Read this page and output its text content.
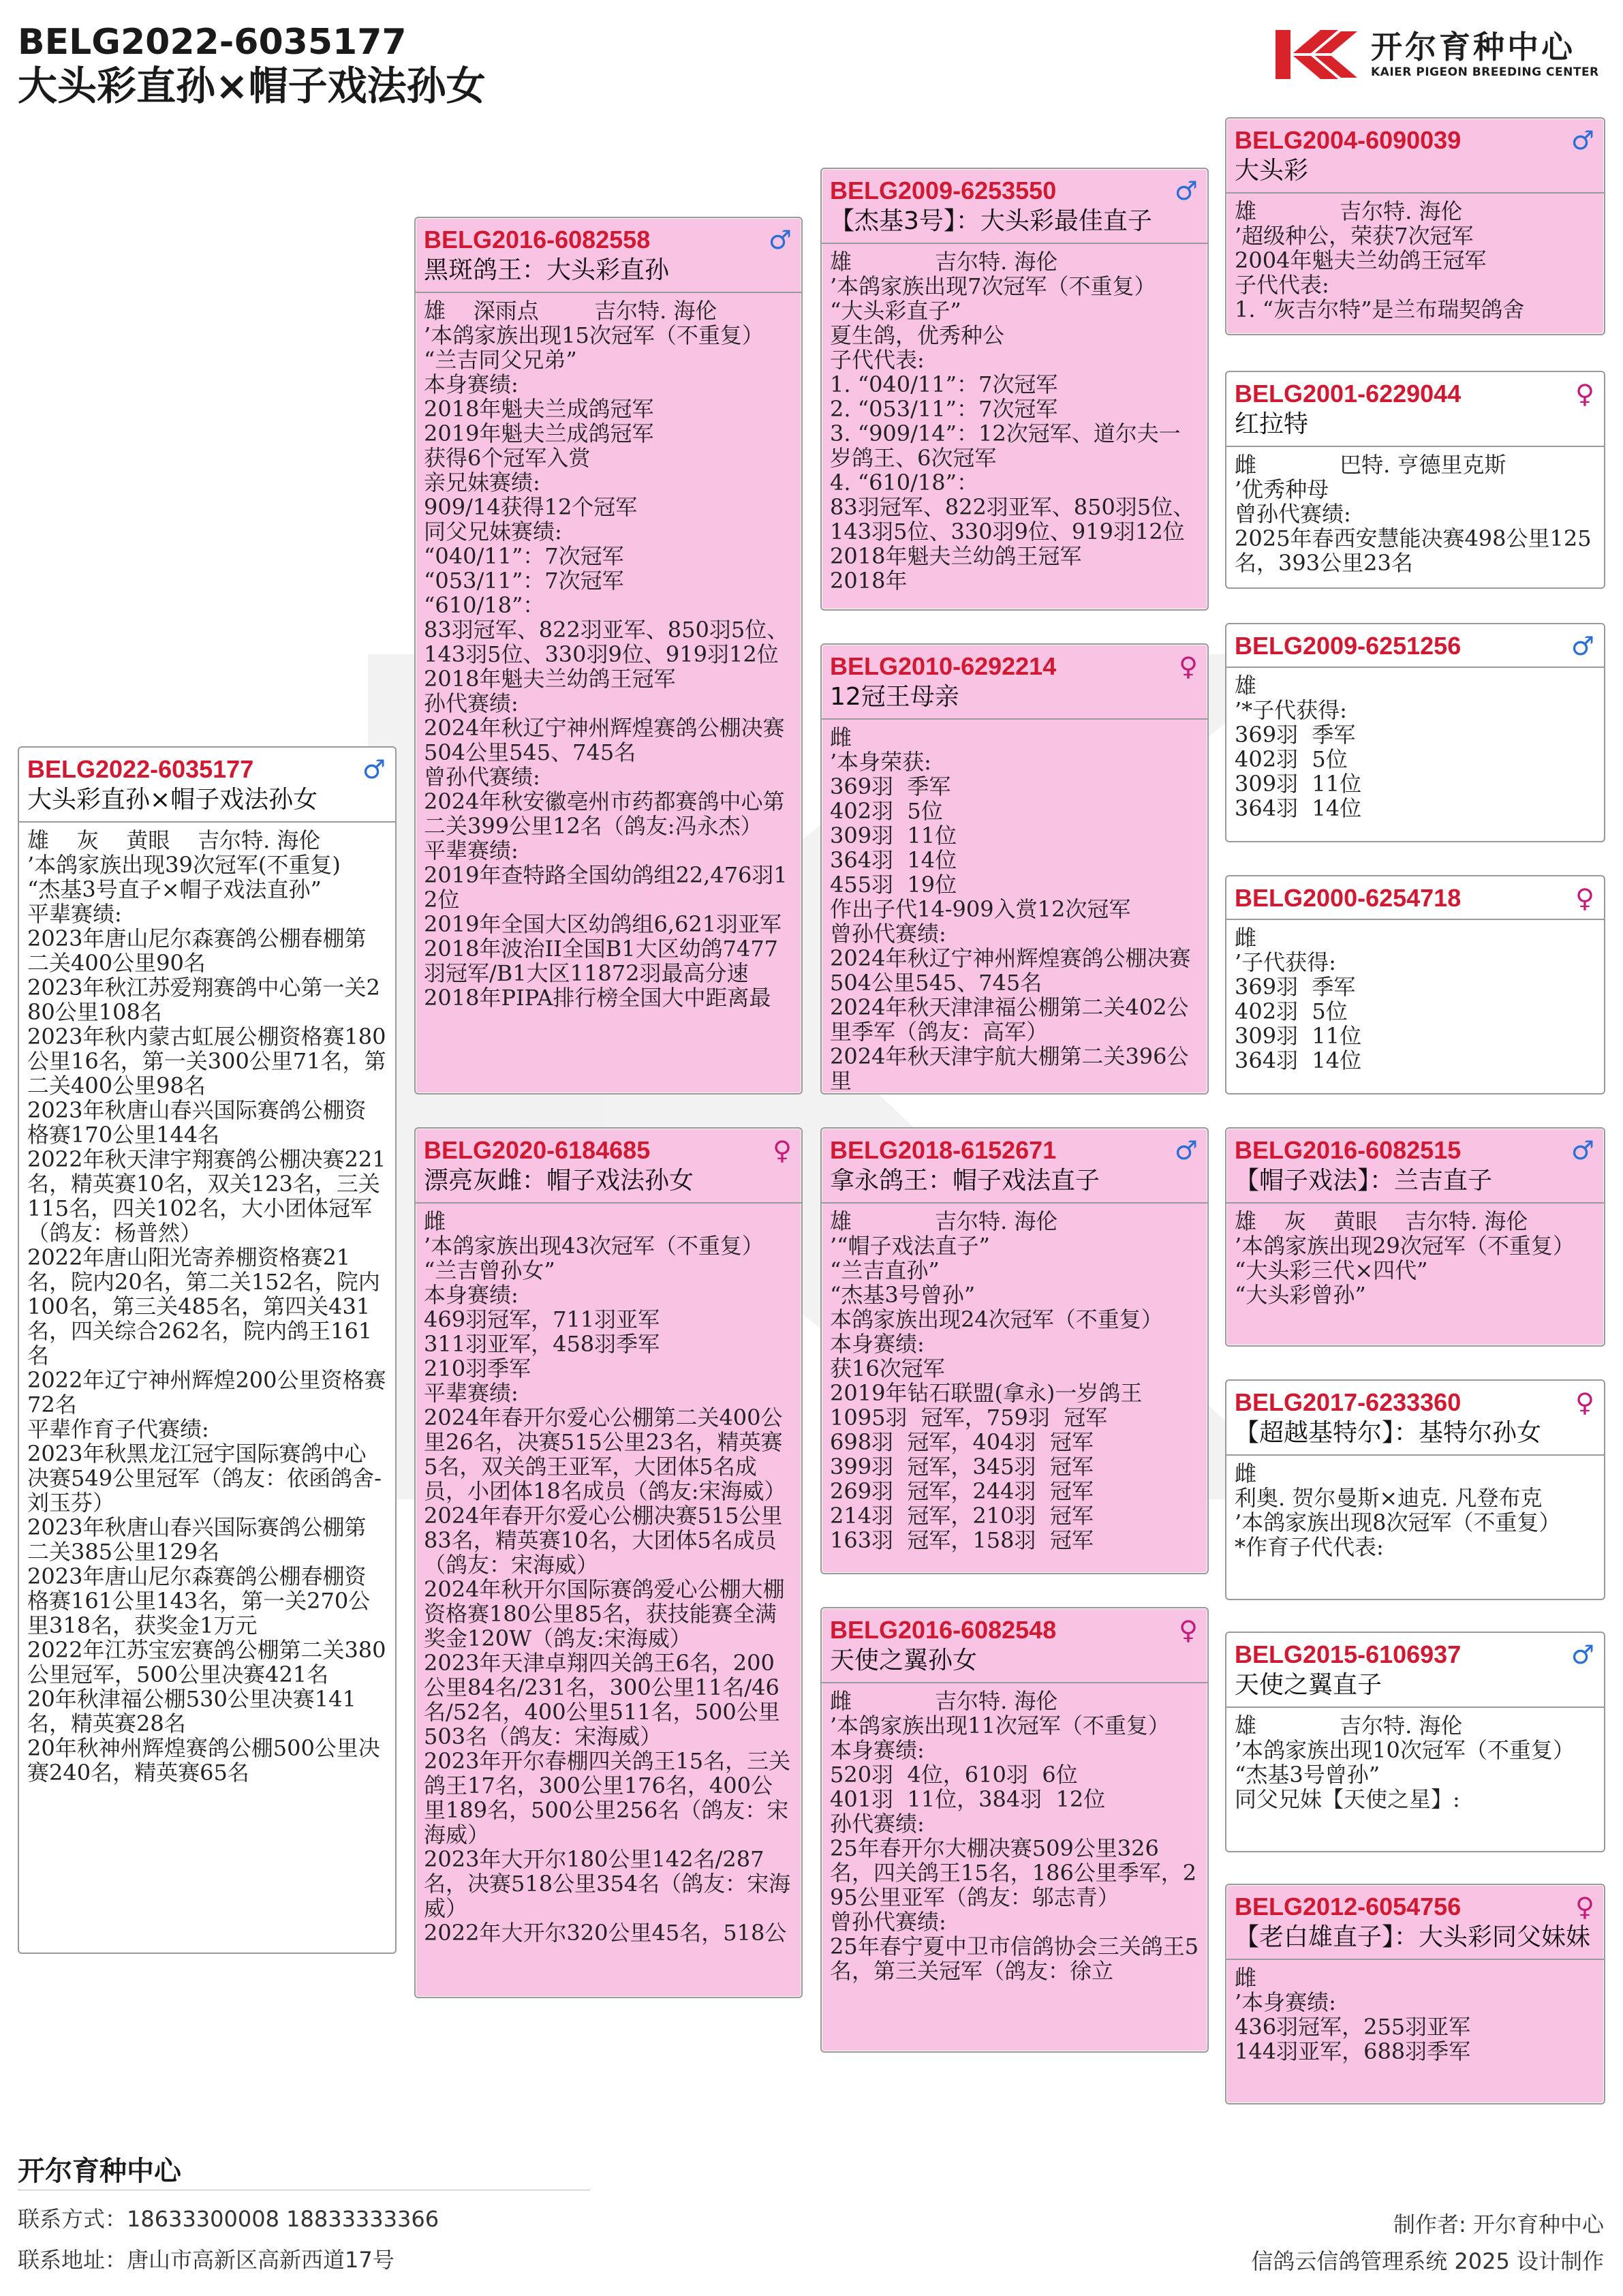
BELG2022-6035177
大头彩直孙×帽子戏法孙女
开尔育种中心
KAIER PIGEON BREEDING CENTER
BELG2022-6035177
大头彩直孙×帽子戏法孙女
♂
雄    灰    黄眼    吉尔特. 海伦
’本鸽家族出现39次冠军(不重复)
“杰基3号直子×帽子戏法直孙”
平辈赛绩:
2023年唐山尼尔森赛鸽公棚春棚第二关400公里90名
2023年秋江苏爱翔赛鸽中心第一关280公里108名
2023年秋内蒙古虹展公棚资格赛180公里16名，第一关300公里71名，第二关400公里98名
2023年秋唐山春兴国际赛鸽公棚资格赛170公里144名
2022年秋天津宇翔赛鸽公棚决赛221名，精英赛10名，双关123名，三关115名，四关102名，大小团体冠军（鸽友：杨普然）
2022年唐山阳光寄养棚资格赛21名，院内20名，第二关152名，院内100名，第三关485名，第四关431名，四关综合262名，院内鸽王161名
2022年辽宁神州辉煌200公里资格赛72名
平辈作育子代赛绩:
2023年秋黑龙江冠宇国际赛鸽中心决赛549公里冠军（鸽友：依函鸽舍-刘玉芬）
2023年秋唐山春兴国际赛鸽公棚第二关385公里129名
2023年唐山尼尔森赛鸽公棚春棚资格赛161公里143名，第一关270公里318名，获奖金1万元
2022年江苏宝宏赛鸽公棚第二关380公里冠军，500公里决赛421名
20年秋津福公棚530公里决赛141名，精英赛28名
20年秋神州辉煌赛鸽公棚500公里决赛240名，精英赛65名
BELG2016-6082558
黑斑鸽王：大头彩直孙
♂
雄    深雨点        吉尔特. 海伦
’本鸽家族出现15次冠军（不重复）
“兰吉同父兄弟”
本身赛绩:
2018年魁夫兰成鸽冠军
2019年魁夫兰成鸽冠军
获得6个冠军入赏
亲兄妹赛绩:
909/14获得12个冠军
同父兄妹赛绩:
“040/11”：7次冠军
“053/11”：7次冠军
“610/18”：
83羽冠军、822羽亚军、850羽5位、143羽5位、330羽9位、919羽12位
2018年魁夫兰幼鸽王冠军
孙代赛绩:
2024年秋辽宁神州辉煌赛鸽公棚决赛504公里545、745名
曾孙代赛绩:
2024年秋安徽亳州市药都赛鸽中心第二关399公里12名（鸽友:冯永杰）
平辈赛绩:
2019年查特路全国幼鸽组22,476羽12位
2019年全国大区幼鸽组6,621羽亚军
2018年波治II全国B1大区幼鸽7477羽冠军/B1大区11872羽最高分速
2018年PIPA排行榜全国大中距离最
BELG2020-6184685
漂亮灰雌：帽子戏法孙女
♀
雌
’本鸽家族出现43次冠军（不重复）
“兰吉曾孙女”
本身赛绩:
469羽冠军，711羽亚军
311羽亚军，458羽季军
210羽季军
平辈赛绩:
2024年春开尔爱心公棚第二关400公里26名，决赛515公里23名，精英赛5名，双关鸽王亚军，大团体5名成员，小团体18名成员（鸽友:宋海威）
2024年春开尔爱心公棚决赛515公里83名，精英赛10名，大团体5名成员（鸽友：宋海威）
2024年秋开尔国际赛鸽爱心公棚大棚资格赛180公里85名，获技能赛全满奖金120W（鸽友:宋海威）
2023年天津卓翔四关鸽王6名，200公里84名/231名，300公里11名/46名/52名，400公里511名，500公里503名（鸽友：宋海威）
2023年开尔春棚四关鸽王15名，三关鸽王17名，300公里176名，400公里189名，500公里256名（鸽友：宋海威）
2023年大开尔180公里142名/287名，决赛518公里354名（鸽友：宋海威）
2022年大开尔320公里45名，518公
BELG2009-6253550
【杰基3号】：大头彩最佳直子
♂
雄            吉尔特. 海伦
’本鸽家族出现7次冠军（不重复）
“大头彩直子”
夏生鸽，优秀种公
子代代表:
1. “040/11”：7次冠军
2. “053/11”：7次冠军
3. “909/14”：12次冠军、道尔夫一岁鸽王、6次冠军
4. “610/18”：
83羽冠军、822羽亚军、850羽5位、143羽5位、330羽9位、919羽12位
2018年魁夫兰幼鸽王冠军
2018年
BELG2010-6292214
12冠王母亲
♀
雌
’本身荣获:
369羽  季军
402羽  5位
309羽  11位
364羽  14位
455羽  19位
作出子代14-909入赏12次冠军
曾孙代赛绩:
2024年秋辽宁神州辉煌赛鸽公棚决赛504公里545、745名
2024年秋天津津福公棚第二关402公里季军（鸽友：高军）
2024年秋天津宇航大棚第二关396公里
BELG2018-6152671
拿永鸽王：帽子戏法直子
♂
雄            吉尔特. 海伦
’“帽子戏法直子”
“兰吉直孙”
“杰基3号曾孙”
本鸽家族出现24次冠军（不重复）
本身赛绩:
获16次冠军
2019年钻石联盟(拿永)一岁鸽王
1095羽  冠军，759羽  冠军
698羽  冠军，404羽  冠军
399羽  冠军，345羽  冠军
269羽  冠军，244羽  冠军
214羽  冠军，210羽  冠军
163羽  冠军，158羽  冠军
BELG2016-6082548
天使之翼孙女
♀
雌            吉尔特. 海伦
’本鸽家族出现11次冠军（不重复）
本身赛绩:
520羽  4位，610羽  6位
401羽  11位，384羽  12位
孙代赛绩:
25年春开尔大棚决赛509公里326名，四关鸽王15名，186公里季军，295公里亚军（鸽友：邬志青）
曾孙代赛绩:
25年春宁夏中卫市信鸽协会三关鸽王5名，第三关冠军（鸽友：徐立
BELG2004-6090039
大头彩
♂
雄            吉尔特. 海伦
’超级种公，荣获7次冠军
2004年魁夫兰幼鸽王冠军
子代代表:
1. “灰吉尔特”是兰布瑞契鸽舍
BELG2001-6229044
红拉特
♀
雌            巴特. 亨德里克斯
’优秀种母
曾孙代赛绩:
2025年春西安慧能决赛498公里125名，393公里23名
BELG2009-6251256	♂
雄
’*子代获得:
369羽  季军
402羽  5位
309羽  11位
364羽  14位
BELG2000-6254718	♀
雌
’子代获得:
369羽  季军
402羽  5位
309羽  11位
364羽  14位
BELG2016-6082515
【帽子戏法】：兰吉直子
♂
雄    灰    黄眼    吉尔特. 海伦
’本鸽家族出现29次冠军（不重复）
“大头彩三代×四代”
“大头彩曾孙”
BELG2017-6233360
【超越基特尔】：基特尔孙女
♀
雌
利奥. 贺尔曼斯×迪克. 凡登布克
’本鸽家族出现8次冠军（不重复）
*作育子代代表:
BELG2015-6106937
天使之翼直子
♂
雄            吉尔特. 海伦
’本鸽家族出现10次冠军（不重复）
“杰基3号曾孙”
同父兄妹【天使之星】:
BELG2012-6054756
【老白雄直子】：大头彩同父妹妹
♀
雌
’本身赛绩:
436羽冠军，255羽亚军
144羽亚军，688羽季军
开尔育种中心
联系方式：18633300008 18833333366
联系地址：唐山市高新区高新西道17号
制作者: 开尔育种中心
信鸽云信鸽管理系统 2025 设计制作
